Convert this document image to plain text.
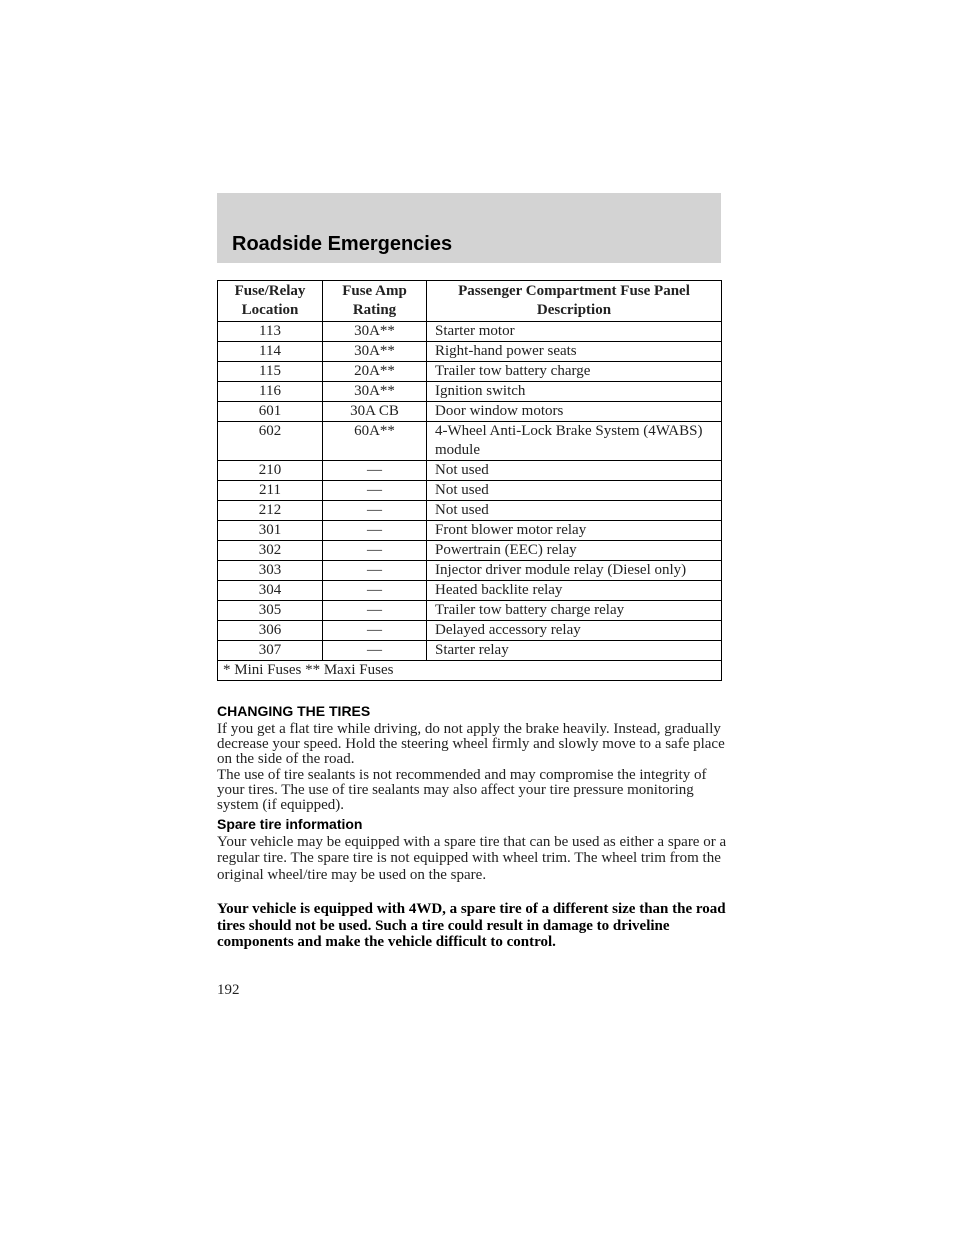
Roadside Emergencies
Fuse/Relay Location	Fuse Amp Rating	Passenger Compartment Fuse Panel Description
113	30A**	Starter motor
114	30A**	Right-hand power seats
115	20A**	Trailer tow battery charge
116	30A**	Ignition switch
601	30A CB	Door window motors
602	60A**	4-Wheel Anti-Lock Brake System (4WABS) module
210	—	Not used
211	—	Not used
212	—	Not used
301	—	Front blower motor relay
302	—	Powertrain (EEC) relay
303	—	Injector driver module relay (Diesel only)
304	—	Heated backlite relay
305	—	Trailer tow battery charge relay
306	—	Delayed accessory relay
307	—	Starter relay
* Mini Fuses ** Maxi Fuses		
CHANGING THE TIRES

If you get a flat tire while driving, do not apply the brake heavily. Instead, gradually decrease your speed. Hold the steering wheel firmly and slowly move to a safe place on the side of the road.

The use of tire sealants is not recommended and may compromise the integrity of your tires. The use of tire sealants may also affect your tire pressure monitoring system (if equipped).

Spare tire information

Your vehicle may be equipped with a spare tire that can be used as either a spare or a regular tire. The spare tire is not equipped with wheel trim. The wheel trim from the original wheel/tire may be used on the spare.

Your vehicle is equipped with 4WD, a spare tire of a different size than the road tires should not be used. Such a tire could result in damage to driveline components and make the vehicle difficult to control.

192
